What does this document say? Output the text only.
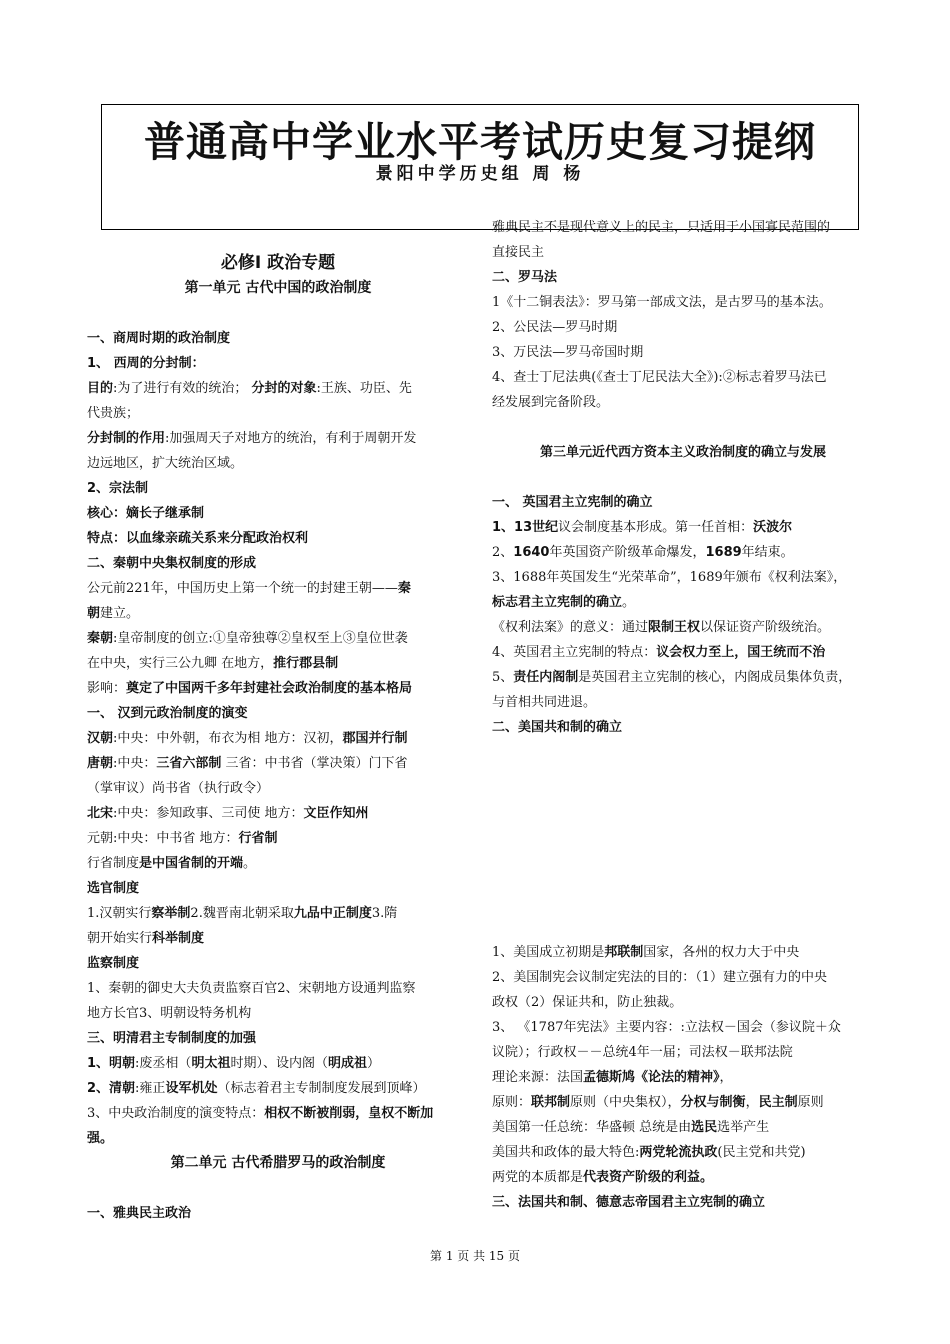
普通高中学业水平考试历史复习提纲
景阳中学历史组 周 杨
必修Ⅰ 政治专题
第一单元 古代中国的政治制度
一、商周时期的政治制度
1、 西周的分封制：
目的:为了进行有效的统治； 分封的对象:王族、功臣、先
代贵族；
分封制的作用:加强周天子对地方的统治，有利于周朝开发
边远地区，扩大统治区域。
2、宗法制
核心：嫡长子继承制
特点：以血缘亲疏关系来分配政治权利
二、秦朝中央集权制度的形成
公元前221年，中国历史上第一个统一的封建王朝——秦
朝建立。
秦朝:皇帝制度的创立:①皇帝独尊②皇权至上③皇位世袭
在中央，实行三公九卿 在地方，推行郡县制
影响：奠定了中国两千多年封建社会政治制度的基本格局
一、 汉到元政治制度的演变
汉朝:中央：中外朝，布衣为相 地方：汉初，郡国并行制
唐朝:中央：三省六部制 三省：中书省（掌决策）门下省
（掌审议）尚书省（执行政令）
北宋:中央：参知政事、三司使 地方：文臣作知州
元朝:中央：中书省 地方：行省制
行省制度是中国省制的开端。
选官制度
1.汉朝实行察举制2.魏晋南北朝采取九品中正制度3.隋
朝开始实行科举制度
监察制度
1、秦朝的御史大夫负责监察百官2、宋朝地方设通判监察
地方长官3、明朝设特务机构
三、明清君主专制制度的加强
1、明朝:废丞相（明太祖时期）、设内阁（明成祖）
2、清朝:雍正设军机处（标志着君主专制制度发展到顶峰）
3、中央政治制度的演变特点：相权不断被削弱，皇权不断加
强。
第二单元 古代希腊罗马的政治制度
一、雅典民主政治
雅典民主不是现代意义上的民主，只适用于小国寡民范围的
直接民主
二、罗马法
1《十二铜表法》：罗马第一部成文法，是古罗马的基本法。
2、公民法—罗马时期
3、万民法—罗马帝国时期
4、查士丁尼法典(《查士丁尼民法大全》):②标志着罗马法已
经发展到完备阶段。
第三单元近代西方资本主义政治制度的确立与发展
一、 英国君主立宪制的确立
1、13世纪议会制度基本形成。第一任首相：沃波尔
2、1640年英国资产阶级革命爆发，1689年结束。
3、1688年英国发生“光荣革命”，1689年颁布《权利法案》，
标志君主立宪制的确立。
《权利法案》的意义：通过限制王权以保证资产阶级统治。
4、英国君主立宪制的特点：议会权力至上，国王统而不治
5、责任内阁制是英国君主立宪制的核心，内阁成员集体负责，
与首相共同进退。
二、美国共和制的确立
1、美国成立初期是邦联制国家，各州的权力大于中央
2、美国制宪会议制定宪法的目的：（1）建立强有力的中央
政权（2）保证共和，防止独裁。
3、 《1787年宪法》主要内容：:立法权－国会（参议院＋众
议院）；行政权－－总统4年一届；司法权－联邦法院
理论来源：法国孟德斯鸠《论法的精神》，
原则：联邦制原则（中央集权），分权与制衡，民主制原则
美国第一任总统：华盛顿 总统是由选民选举产生
美国共和政体的最大特色:两党轮流执政(民主党和共党)
两党的本质都是代表资产阶级的利益。
三、法国共和制、德意志帝国君主立宪制的确立
第 1 页 共 15 页
